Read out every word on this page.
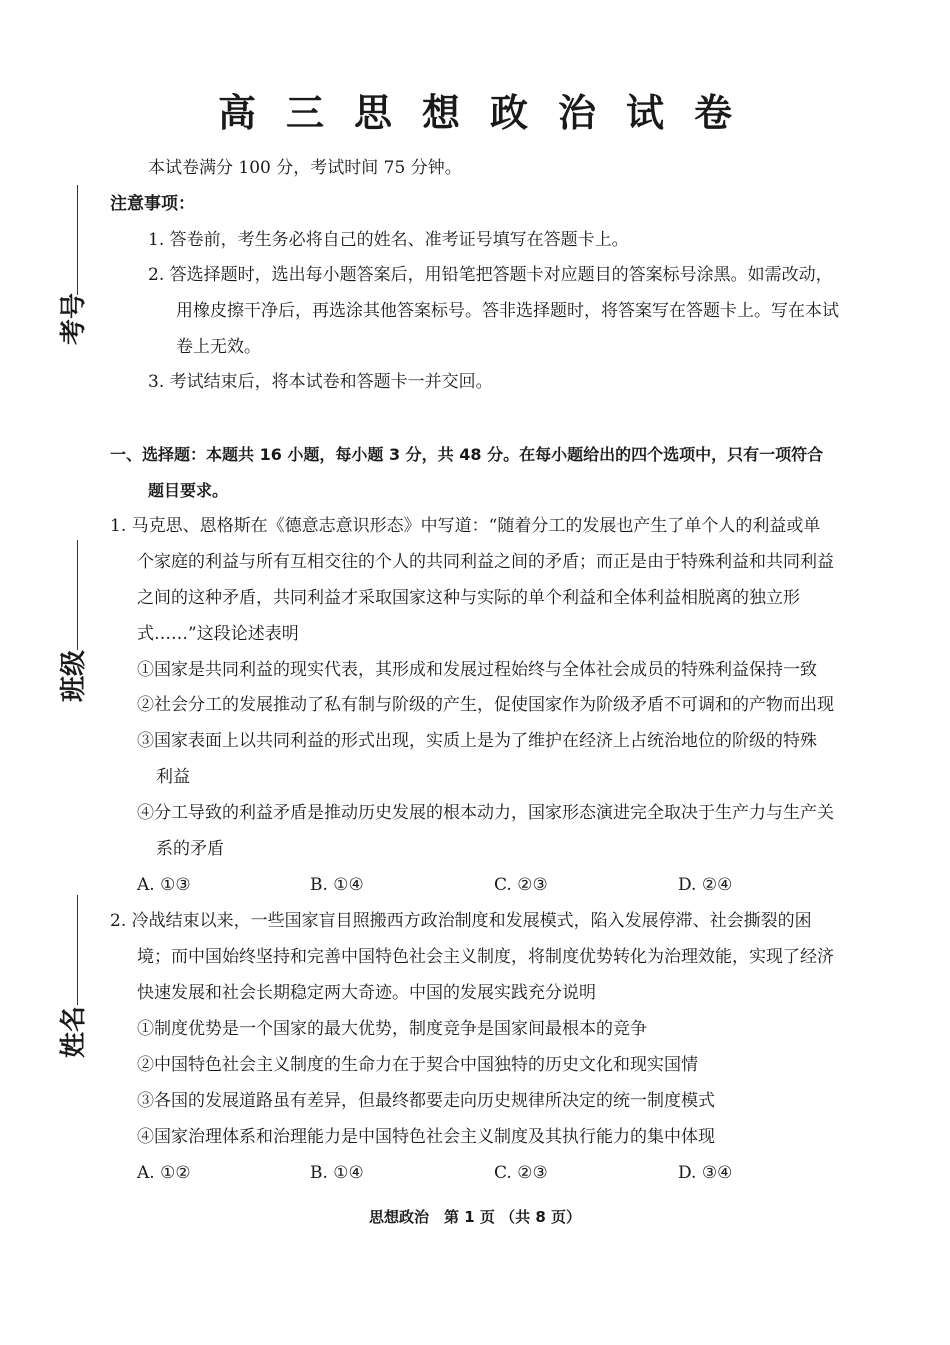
考号
班级
姓名
高三思想政治试卷
本试卷满分 100 分，考试时间 75 分钟。
注意事项：
1. 答卷前，考生务必将自己的姓名、准考证号填写在答题卡上。
2. 答选择题时，选出每小题答案后，用铅笔把答题卡对应题目的答案标号涂黑。如需改动，
用橡皮擦干净后，再选涂其他答案标号。答非选择题时，将答案写在答题卡上。写在本试
卷上无效。
3. 考试结束后，将本试卷和答题卡一并交回。
一、选择题：本题共 16 小题，每小题 3 分，共 48 分。在每小题给出的四个选项中，只有一项符合
题目要求。
1. 马克思、恩格斯在《德意志意识形态》中写道：“随着分工的发展也产生了单个人的利益或单
个家庭的利益与所有互相交往的个人的共同利益之间的矛盾；而正是由于特殊利益和共同利益
之间的这种矛盾，共同利益才采取国家这种与实际的单个利益和全体利益相脱离的独立形
式……”这段论述表明
①国家是共同利益的现实代表，其形成和发展过程始终与全体社会成员的特殊利益保持一致
②社会分工的发展推动了私有制与阶级的产生，促使国家作为阶级矛盾不可调和的产物而出现
③国家表面上以共同利益的形式出现，实质上是为了维护在经济上占统治地位的阶级的特殊
利益
④分工导致的利益矛盾是推动历史发展的根本动力，国家形态演进完全取决于生产力与生产关
系的矛盾
A. ①③	B. ①④	C. ②③	D. ②④
2. 冷战结束以来，一些国家盲目照搬西方政治制度和发展模式，陷入发展停滞、社会撕裂的困
境；而中国始终坚持和完善中国特色社会主义制度，将制度优势转化为治理效能，实现了经济
快速发展和社会长期稳定两大奇迹。中国的发展实践充分说明
①制度优势是一个国家的最大优势，制度竞争是国家间最根本的竞争
②中国特色社会主义制度的生命力在于契合中国独特的历史文化和现实国情
③各国的发展道路虽有差异，但最终都要走向历史规律所决定的统一制度模式
④国家治理体系和治理能力是中国特色社会主义制度及其执行能力的集中体现
A. ①②	B. ①④	C. ②③	D. ③④
思想政治　第 1 页 （共 8 页）
